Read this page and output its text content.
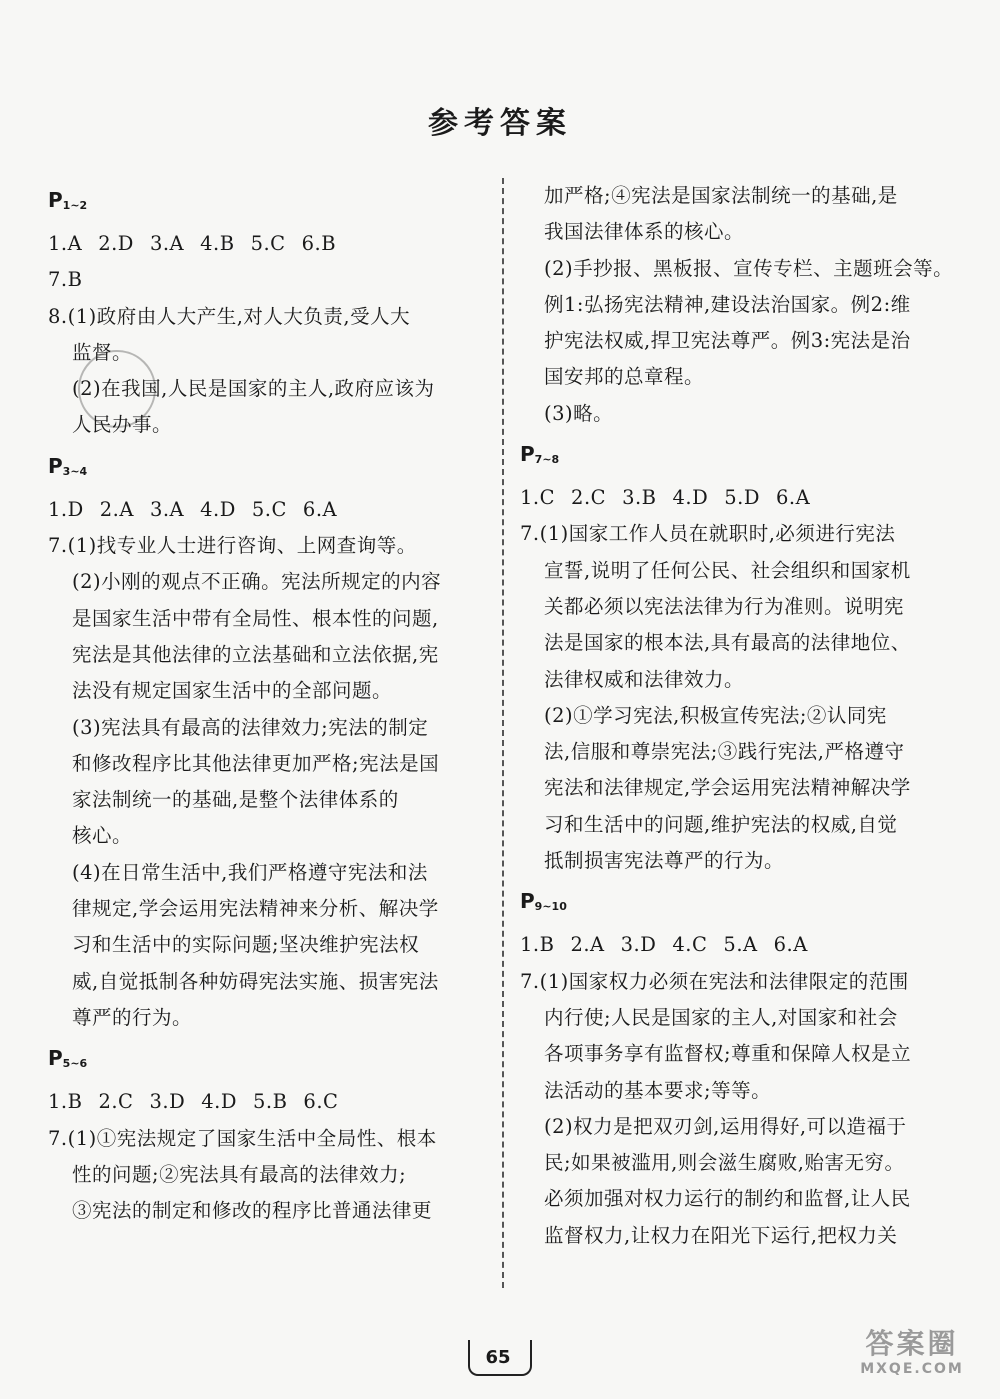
参考答案
$P_{1\sim 2}$
1.A 2.D 3.A 4.B 5.C 6.B
7.B
8.(1)政府由人大产生,对人大负责,受人大
监督。
(2)在我国,人民是国家的主人,政府应该为
人民办事。
$P_{3\sim 4}$
1.D 2.A 3.A 4.D 5.C 6.A
7.(1)找专业人士进行咨询、上网查询等。
(2)小刚的观点不正确。宪法所规定的内容
是国家生活中带有全局性、根本性的问题,
宪法是其他法律的立法基础和立法依据,宪
法没有规定国家生活中的全部问题。
(3)宪法具有最高的法律效力;宪法的制定
和修改程序比其他法律更加严格;宪法是国
家法制统一的基础,是整个法律体系的
核心。
(4)在日常生活中,我们严格遵守宪法和法
律规定,学会运用宪法精神来分析、解决学
习和生活中的实际问题;坚决维护宪法权
威,自觉抵制各种妨碍宪法实施、损害宪法
尊严的行为。
$P_{5\sim 6}$
1.B 2.C 3.D 4.D 5.B 6.C
7.(1)①宪法规定了国家生活中全局性、根本
性的问题;②宪法具有最高的法律效力;
③宪法的制定和修改的程序比普通法律更
加严格;④宪法是国家法制统一的基础,是
我国法律体系的核心。
(2)手抄报、黑板报、宣传专栏、主题班会等。
例1:弘扬宪法精神,建设法治国家。例2:维
护宪法权威,捍卫宪法尊严。例3:宪法是治
国安邦的总章程。
(3)略。
$P_{7\sim 8}$
1.C 2.C 3.B 4.D 5.D 6.A
7.(1)国家工作人员在就职时,必须进行宪法
宣誓,说明了任何公民、社会组织和国家机
关都必须以宪法法律为行为准则。说明宪
法是国家的根本法,具有最高的法律地位、
法律权威和法律效力。
(2)①学习宪法,积极宣传宪法;②认同宪
法,信服和尊崇宪法;③践行宪法,严格遵守
宪法和法律规定,学会运用宪法精神解决学
习和生活中的问题,维护宪法的权威,自觉
抵制损害宪法尊严的行为。
$P_{9\sim 10}$
1.B 2.A 3.D 4.C 5.A 6.A
7.(1)国家权力必须在宪法和法律限定的范围
内行使;人民是国家的主人,对国家和社会
各项事务享有监督权;尊重和保障人权是立
法活动的基本要求;等等。
(2)权力是把双刃剑,运用得好,可以造福于
民;如果被滥用,则会滋生腐败,贻害无穷。
必须加强对权力运行的制约和监督,让人民
监督权力,让权力在阳光下运行,把权力关
65	答案圈
MXQE.COM
